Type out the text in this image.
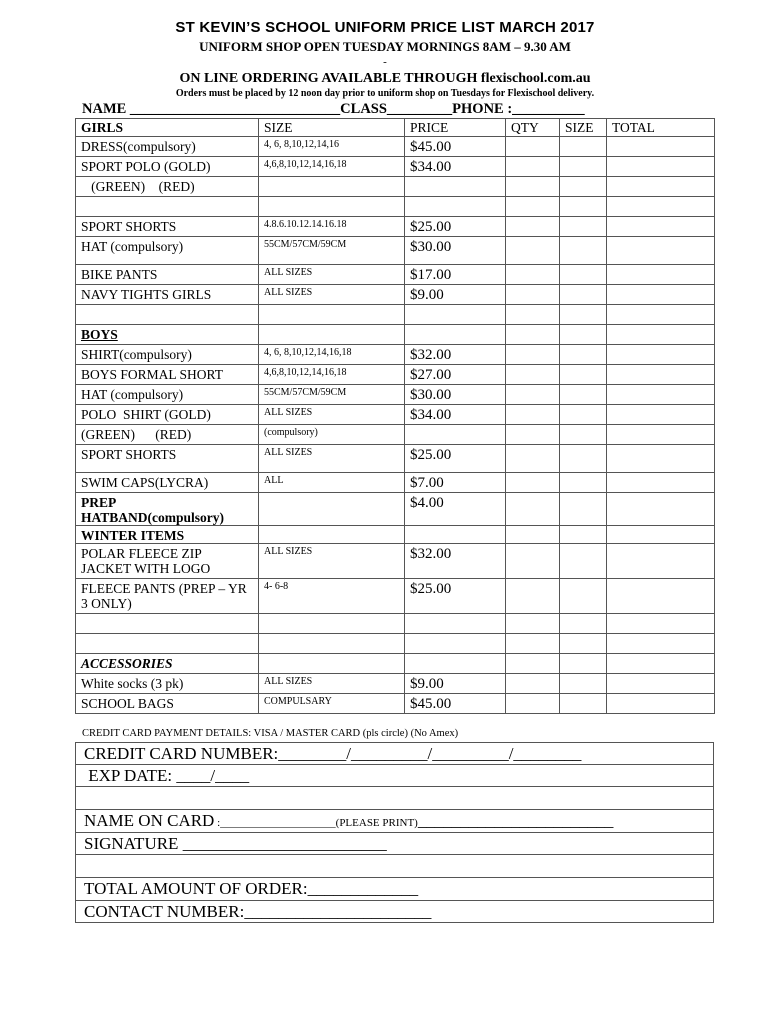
ST KEVIN’S SCHOOL UNIFORM PRICE LIST MARCH 2017
UNIFORM SHOP OPEN TUESDAY MORNINGS 8AM – 9.30 AM
-
ON LINE ORDERING AVAILABLE THROUGH flexischool.com.au
Orders must be placed by 12 noon day prior to uniform shop on Tuesdays for Flexischool delivery.
NAME _____________________________CLASS_________PHONE :__________
GIRLS	SIZE	PRICE	QTY	SIZE	TOTAL
DRESS(compulsory)	4, 6, 8,10,12,14,16	$45.00			
SPORT POLO (GOLD)	4,6,8,10,12,14,16,18	$34.00			
(GREEN)    (RED)					

SPORT SHORTS	4.8.6.10.12.14.16.18	$25.00			
HAT (compulsory)	55CM/57CM/59CM	$30.00			
BIKE PANTS	ALL SIZES	$17.00			
NAVY TIGHTS GIRLS	ALL SIZES	$9.00			

BOYS					
SHIRT(compulsory)	4, 6, 8,10,12,14,16,18	$32.00			
BOYS FORMAL SHORT	4,6,8,10,12,14,16,18	$27.00			
HAT (compulsory)	55CM/57CM/59CM	$30.00			
POLO  SHIRT (GOLD)	ALL SIZES	$34.00			
(GREEN)      (RED)	(compulsory)				
SPORT SHORTS	ALL SIZES	$25.00			
SWIM CAPS(LYCRA)	ALL	$7.00			
PREP HATBAND(compulsory)		$4.00			
WINTER ITEMS					
POLAR FLEECE ZIP JACKET WITH LOGO	ALL SIZES	$32.00			
FLEECE PANTS (PREP – YR 3 ONLY)	4- 6-8	$25.00			

ACCESSORIES					
White socks (3 pk)	ALL SIZES	$9.00			
SCHOOL BAGS	COMPULSARY	$45.00			
CREDIT CARD PAYMENT DETAILS: VISA / MASTER CARD (pls circle) (No Amex)
CREDIT CARD NUMBER:________/_________/_________/________
EXP DATE: ____/____

NAME ON CARD :_____________________(PLEASE PRINT)_______________________
SIGNATURE ________________________

TOTAL AMOUNT OF ORDER:_____________
CONTACT NUMBER:______________________
